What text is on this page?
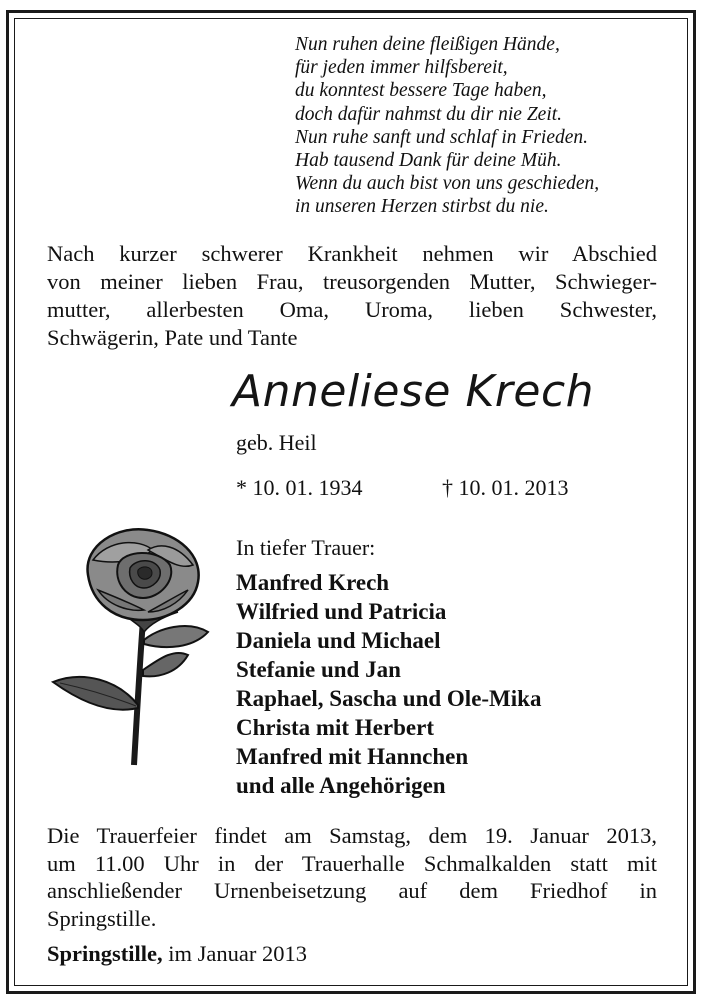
Nun ruhen deine fleißigen Hände,
für jeden immer hilfsbereit,
du konntest bessere Tage haben,
doch dafür nahmst du dir nie Zeit.
Nun ruhe sanft und schlaf in Frieden.
Hab tausend Dank für deine Müh.
Wenn du auch bist von uns geschieden,
in unseren Herzen stirbst du nie.
Nach kurzer schwerer Krankheit nehmen wir Abschied
von meiner lieben Frau, treusorgenden Mutter, Schwieger-
mutter, allerbesten Oma, Uroma, lieben Schwester,
Schwägerin, Pate und Tante
Anneliese Krech
geb. Heil
* 10. 01. 1934	† 10. 01. 2013
In tiefer Trauer:
Manfred Krech
Wilfried und Patricia
Daniela und Michael
Stefanie und Jan
Raphael, Sascha und Ole-Mika
Christa mit Herbert
Manfred mit Hannchen
und alle Angehörigen
Die Trauerfeier findet am Samstag, dem 19. Januar 2013,
um 11.00 Uhr in der Trauerhalle Schmalkalden statt mit
anschließender Urnenbeisetzung auf dem Friedhof in
Springstille.
Springstille, im Januar 2013
